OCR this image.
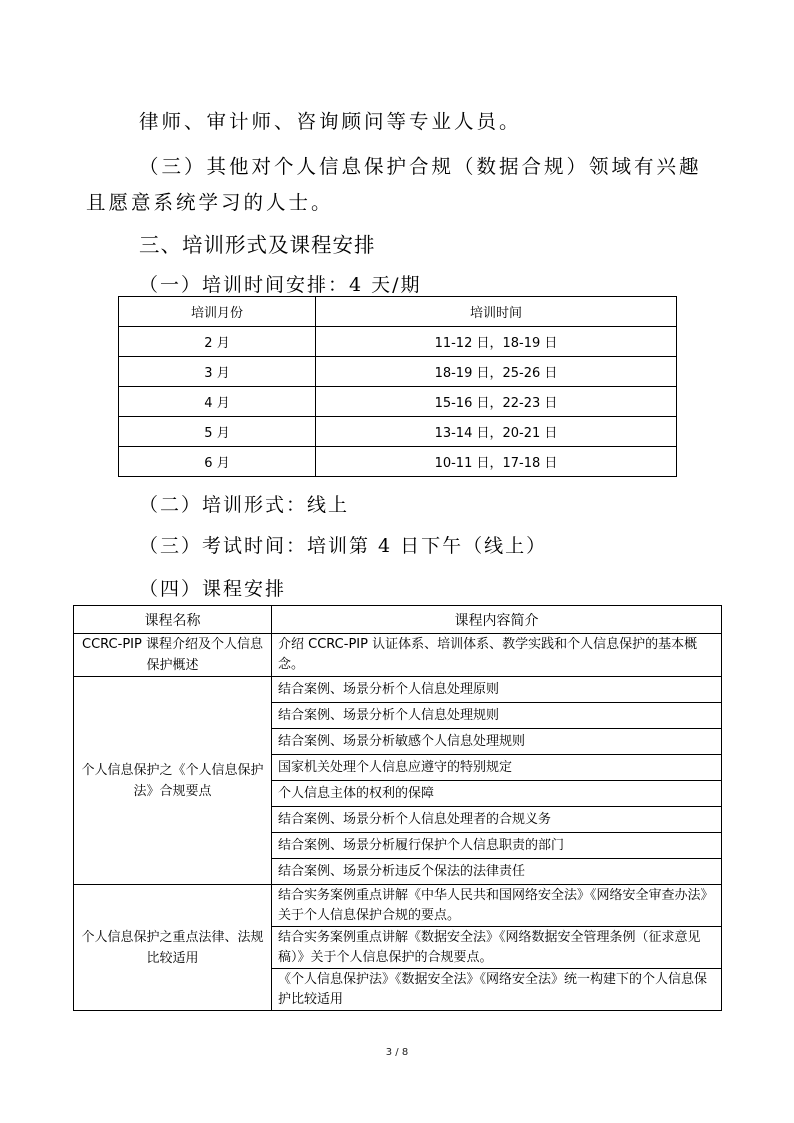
律师、审计师、咨询顾问等专业人员。
（三）其他对个人信息保护合规（数据合规）领域有兴趣
且愿意系统学习的人士。
三、培训形式及课程安排
（一）培训时间安排：4 天/期
培训月份	培训时间
2 月	11-12 日，18-19 日
3 月	18-19 日，25-26 日
4 月	15-16 日，22-23 日
5 月	13-14 日，20-21 日
6 月	10-11 日，17-18 日
（二）培训形式：线上
（三）考试时间：培训第 4 日下午（线上）
（四）课程安排
课程名称	课程内容简介
CCRC-PIP 课程介绍及个人信息保护概述	介绍 CCRC-PIP 认证体系、培训体系、教学实践和个人信息保护的基本概念。
个人信息保护之《个人信息保护法》合规要点	结合案例、场景分析个人信息处理原则
	结合案例、场景分析个人信息处理规则
	结合案例、场景分析敏感个人信息处理规则
	国家机关处理个人信息应遵守的特别规定
	个人信息主体的权利的保障
	结合案例、场景分析个人信息处理者的合规义务
	结合案例、场景分析履行保护个人信息职责的部门
	结合案例、场景分析违反个保法的法律责任
个人信息保护之重点法律、法规比较适用	结合实务案例重点讲解《中华人民共和国网络安全法》《网络安全审查办法》关于个人信息保护合规的要点。
	结合实务案例重点讲解《数据安全法》《网络数据安全管理条例（征求意见稿）》关于个人信息保护的合规要点。
	《个人信息保护法》《数据安全法》《网络安全法》统一构建下的个人信息保护比较适用
3 / 8
